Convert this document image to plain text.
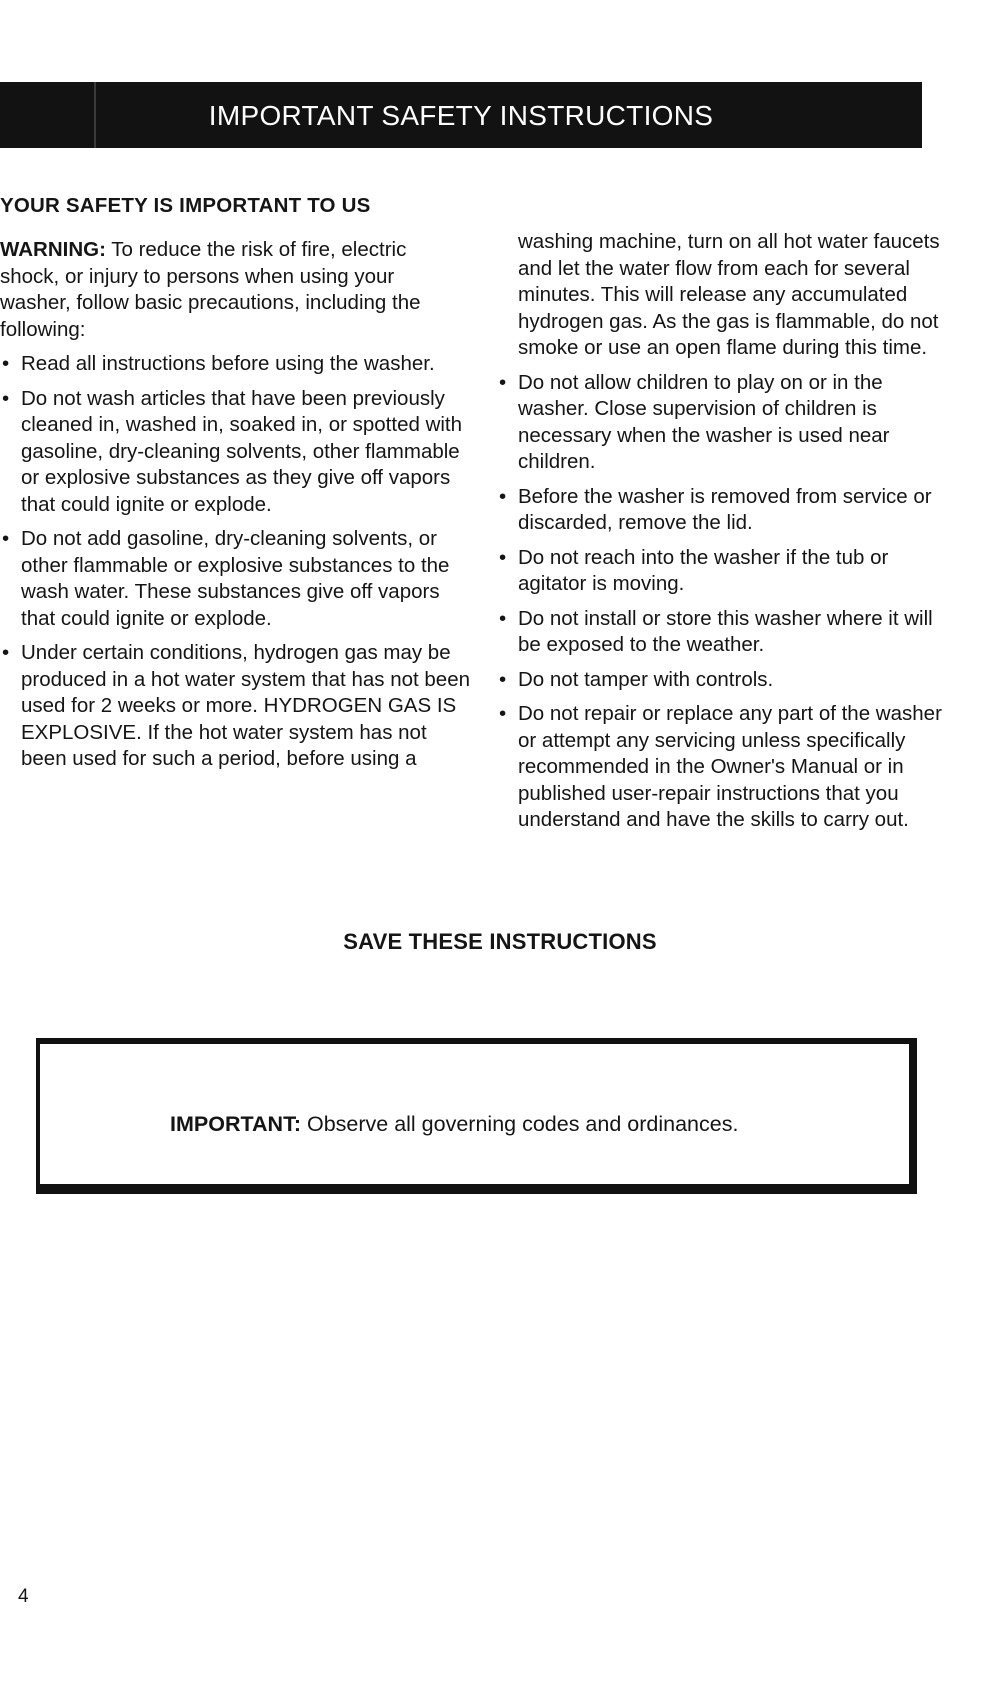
IMPORTANT SAFETY INSTRUCTIONS
YOUR SAFETY IS IMPORTANT TO US

WARNING: To reduce the risk of fire, electric shock, or injury to persons when using your washer, follow basic precautions, including the following:

• Read all instructions before using the washer.
• Do not wash articles that have been previously cleaned in, washed in, soaked in, or spotted with gasoline, dry-cleaning solvents, other flammable or explosive substances as they give off vapors that could ignite or explode.
• Do not add gasoline, dry-cleaning solvents, or other flammable or explosive substances to the wash water. These substances give off vapors that could ignite or explode.
• Under certain conditions, hydrogen gas may be produced in a hot water system that has not been used for 2 weeks or more. HYDROGEN GAS IS EXPLOSIVE. If the hot water system has not been used for such a period, before using a

washing machine, turn on all hot water faucets and let the water flow from each for several minutes. This will release any accumulated hydrogen gas. As the gas is flammable, do not smoke or use an open flame during this time.

• Do not allow children to play on or in the washer. Close supervision of children is necessary when the washer is used near children.
• Before the washer is removed from service or discarded, remove the lid.
• Do not reach into the washer if the tub or agitator is moving.
• Do not install or store this washer where it will be exposed to the weather.
• Do not tamper with controls.
• Do not repair or replace any part of the washer or attempt any servicing unless specifically recommended in the Owner's Manual or in published user-repair instructions that you understand and have the skills to carry out.
SAVE THESE INSTRUCTIONS
IMPORTANT: Observe all governing codes and ordinances.
4
